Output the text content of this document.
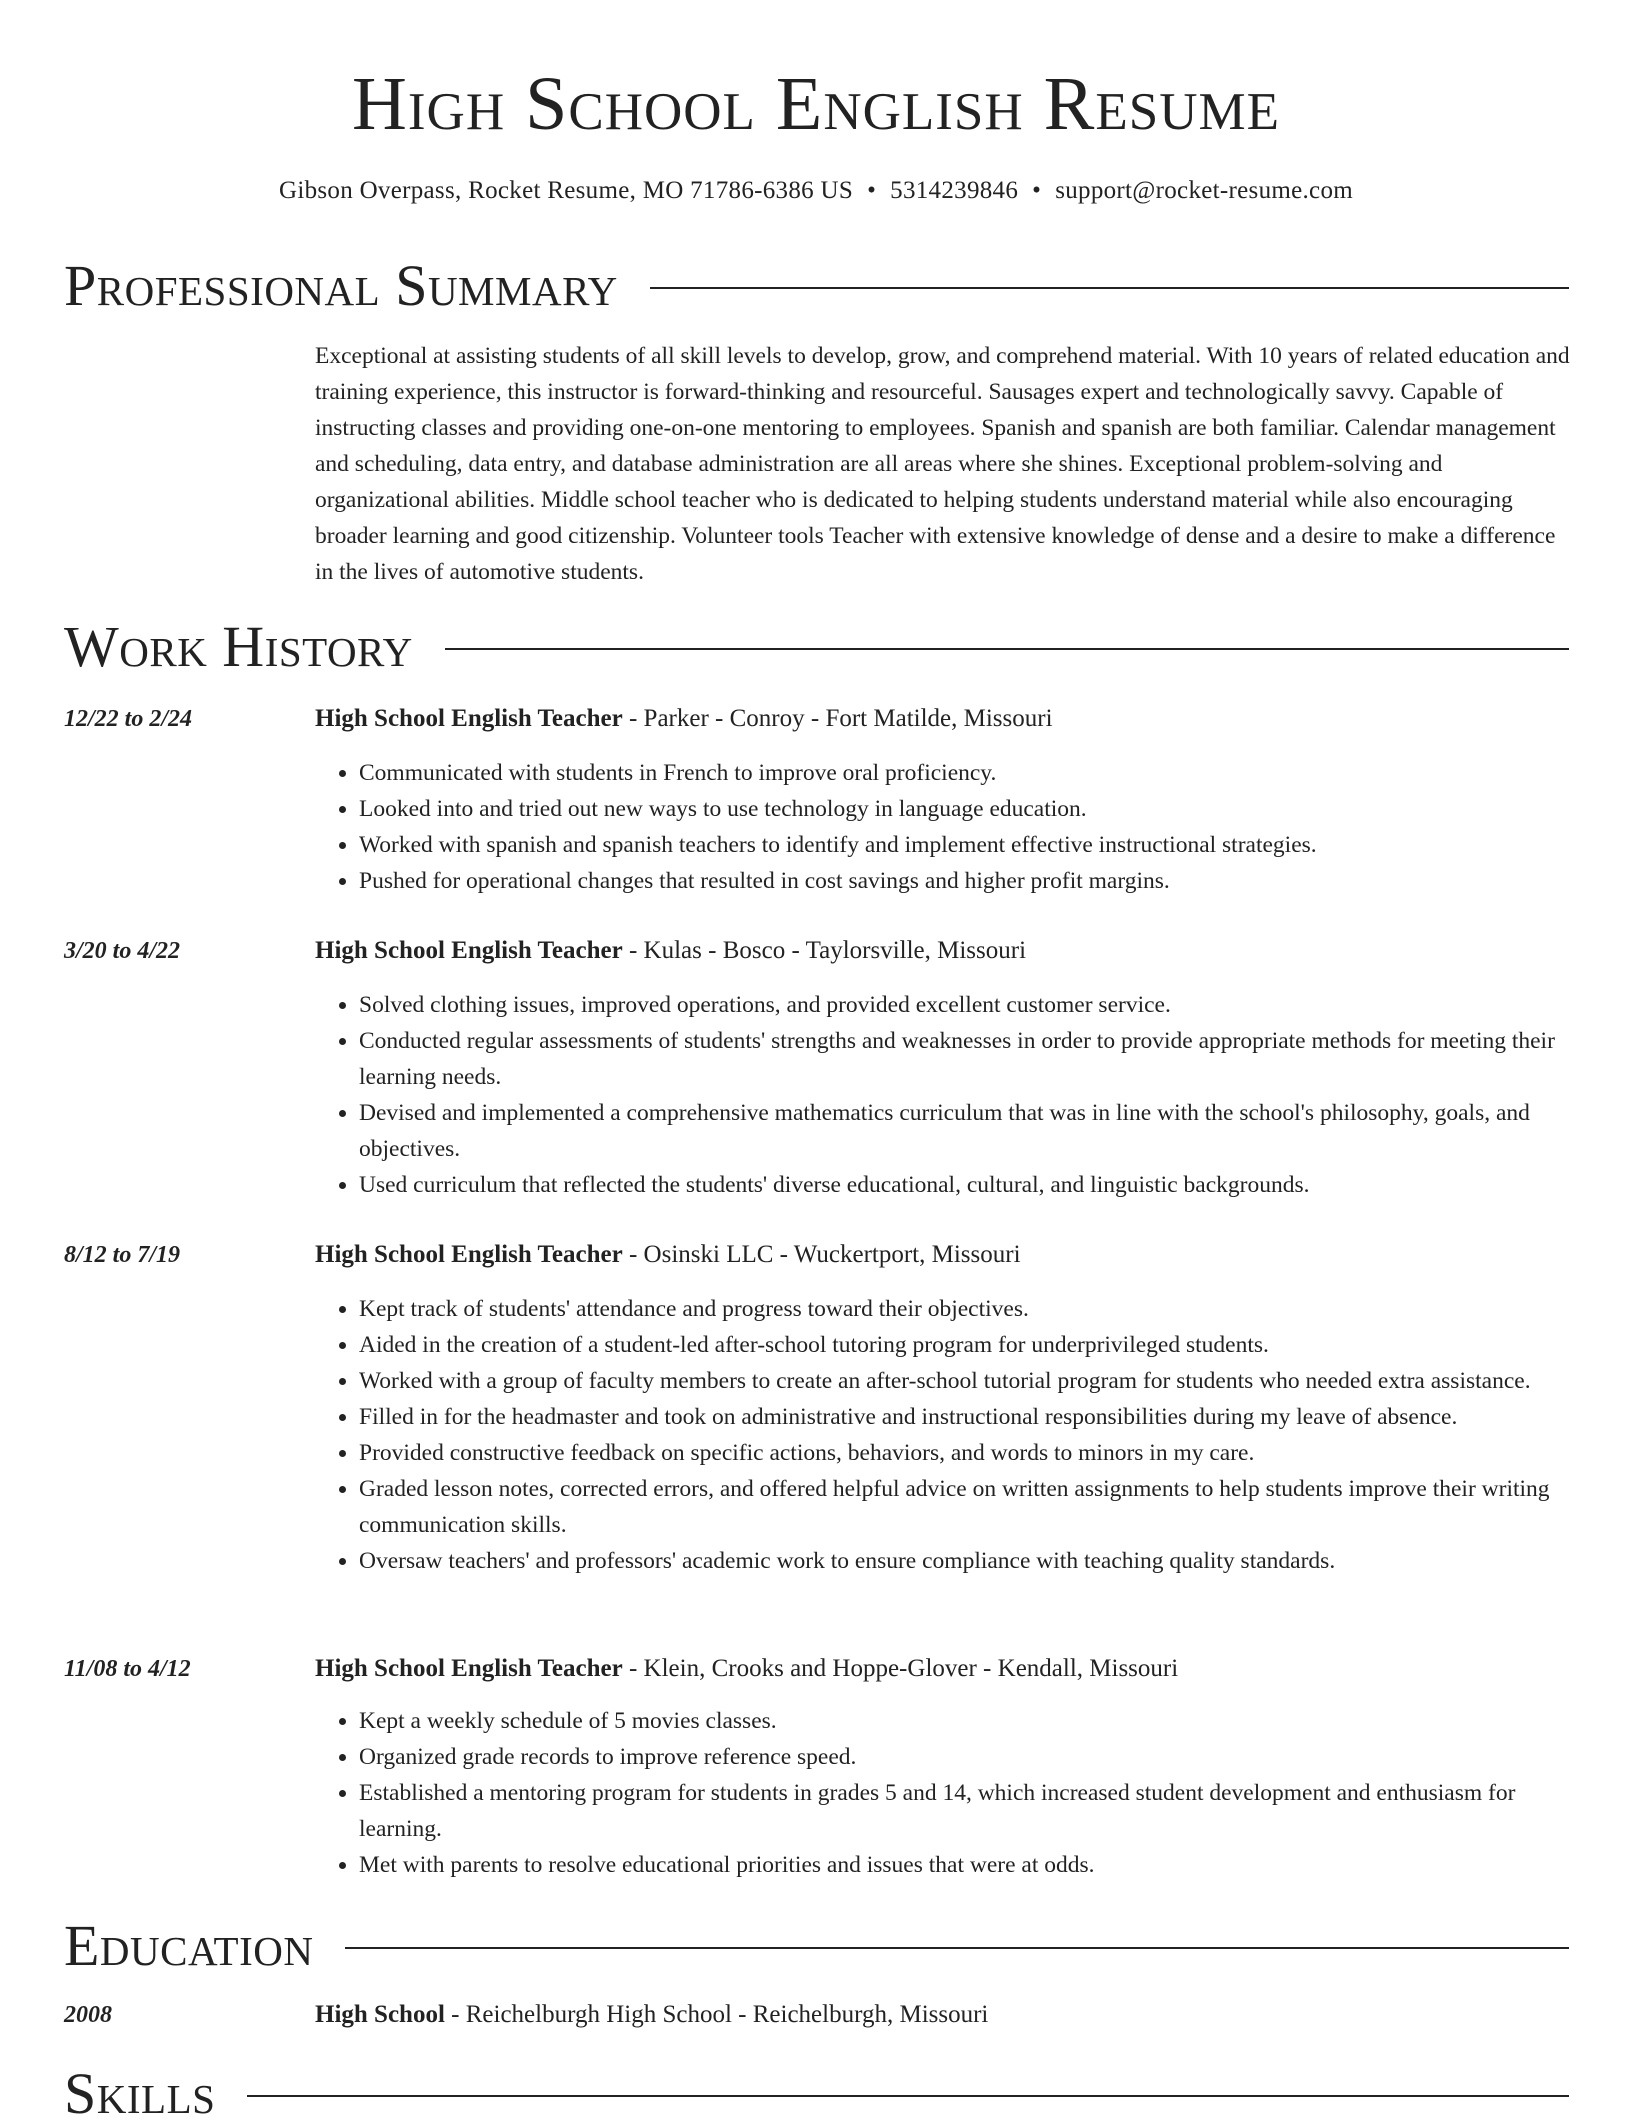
High School English Resume
Gibson Overpass, Rocket Resume, MO 71786-6386 US • 5314239846 • support@rocket-resume.com
Professional Summary

Exceptional at assisting students of all skill levels to develop, grow, and comprehend material. With 10 years of related education and training experience, this instructor is forward-thinking and resourceful. Sausages expert and technologically savvy. Capable of instructing classes and providing one-on-one mentoring to employees. Spanish and spanish are both familiar. Calendar management and scheduling, data entry, and database administration are all areas where she shines. Exceptional problem-solving and organizational abilities. Middle school teacher who is dedicated to helping students understand material while also encouraging broader learning and good citizenship. Volunteer tools Teacher with extensive knowledge of dense and a desire to make a difference in the lives of automotive students.

Work History
12/22 to 2/24	High School English Teacher - Parker - Conroy - Fort Matilde, Missouri
• Communicated with students in French to improve oral proficiency.
• Looked into and tried out new ways to use technology in language education.
• Worked with spanish and spanish teachers to identify and implement effective instructional strategies.
• Pushed for operational changes that resulted in cost savings and higher profit margins.
3/20 to 4/22	High School English Teacher - Kulas - Bosco - Taylorsville, Missouri
• Solved clothing issues, improved operations, and provided excellent customer service.
• Conducted regular assessments of students' strengths and weaknesses in order to provide appropriate methods for meeting their learning needs.
• Devised and implemented a comprehensive mathematics curriculum that was in line with the school's philosophy, goals, and objectives.
• Used curriculum that reflected the students' diverse educational, cultural, and linguistic backgrounds.
8/12 to 7/19	High School English Teacher - Osinski LLC - Wuckertport, Missouri
• Kept track of students' attendance and progress toward their objectives.
• Aided in the creation of a student-led after-school tutoring program for underprivileged students.
• Worked with a group of faculty members to create an after-school tutorial program for students who needed extra assistance.
• Filled in for the headmaster and took on administrative and instructional responsibilities during my leave of absence.
• Provided constructive feedback on specific actions, behaviors, and words to minors in my care.
• Graded lesson notes, corrected errors, and offered helpful advice on written assignments to help students improve their writing communication skills.
• Oversaw teachers' and professors' academic work to ensure compliance with teaching quality standards.
11/08 to 4/12	High School English Teacher - Klein, Crooks and Hoppe-Glover - Kendall, Missouri
• Kept a weekly schedule of 5 movies classes.
• Organized grade records to improve reference speed.
• Established a mentoring program for students in grades 5 and 14, which increased student development and enthusiasm for learning.
• Met with parents to resolve educational priorities and issues that were at odds.
Education
2008	High School - Reichelburgh High School - Reichelburgh, Missouri
Skills
